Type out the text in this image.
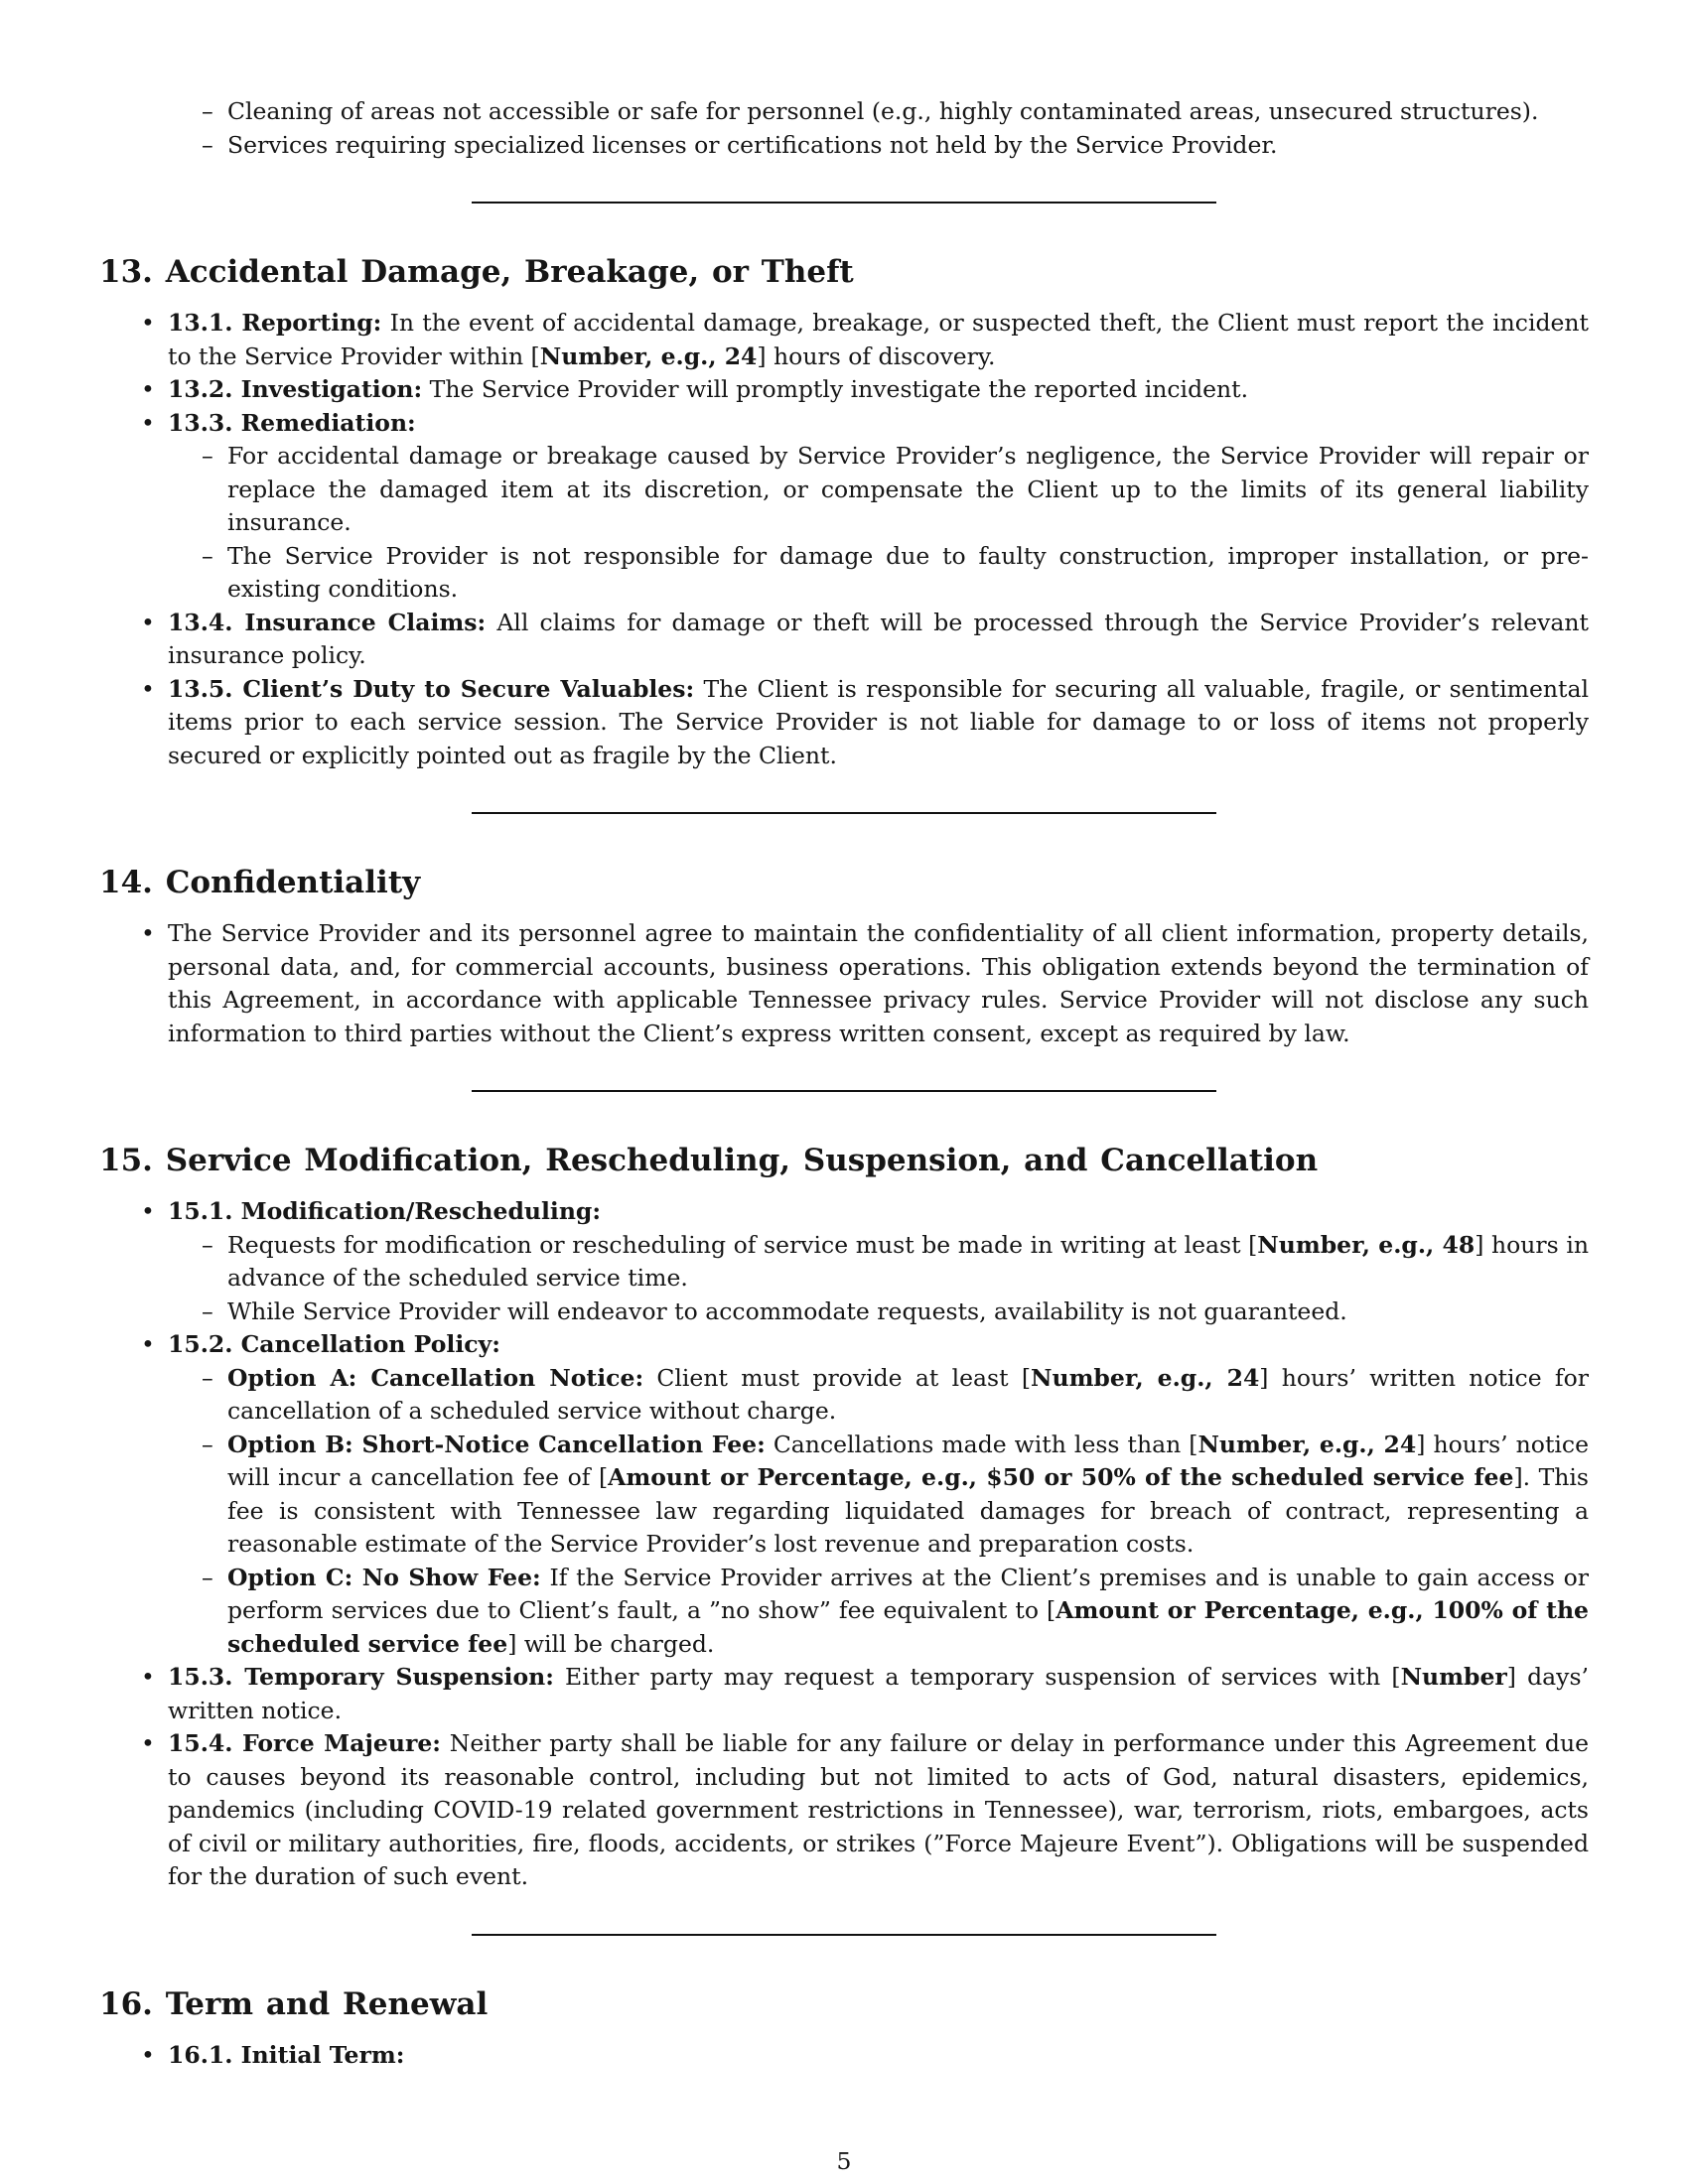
– Cleaning of areas not accessible or safe for personnel (e.g., highly contaminated areas, unsecured structures).
– Services requiring specialized licenses or certifications not held by the Service Provider.
13. Accidental Damage, Breakage, or Theft
• 13.1. Reporting: In the event of accidental damage, breakage, or suspected theft, the Client must report the incident to the Service Provider within [Number, e.g., 24] hours of discovery.
• 13.2. Investigation: The Service Provider will promptly investigate the reported incident.
• 13.3. Remediation:
– For accidental damage or breakage caused by Service Provider’s negligence, the Service Provider will repair or replace the damaged item at its discretion, or compensate the Client up to the limits of its general liability insurance.
– The Service Provider is not responsible for damage due to faulty construction, improper installation, or pre-existing conditions.
• 13.4. Insurance Claims: All claims for damage or theft will be processed through the Service Provider’s relevant insurance policy.
• 13.5. Client’s Duty to Secure Valuables: The Client is responsible for securing all valuable, fragile, or sentimental items prior to each service session. The Service Provider is not liable for damage to or loss of items not properly secured or explicitly pointed out as fragile by the Client.
14. Confidentiality
• The Service Provider and its personnel agree to maintain the confidentiality of all client information, property details, personal data, and, for commercial accounts, business operations. This obligation extends beyond the termination of this Agreement, in accordance with applicable Tennessee privacy rules. Service Provider will not disclose any such information to third parties without the Client’s express written consent, except as required by law.
15. Service Modification, Rescheduling, Suspension, and Cancellation
• 15.1. Modification/Rescheduling:
– Requests for modification or rescheduling of service must be made in writing at least [Number, e.g., 48] hours in advance of the scheduled service time.
– While Service Provider will endeavor to accommodate requests, availability is not guaranteed.
• 15.2. Cancellation Policy:
– Option A: Cancellation Notice: Client must provide at least [Number, e.g., 24] hours’ written notice for cancellation of a scheduled service without charge.
– Option B: Short-Notice Cancellation Fee: Cancellations made with less than [Number, e.g., 24] hours’ notice will incur a cancellation fee of [Amount or Percentage, e.g., $50 or 50% of the scheduled service fee]. This fee is consistent with Tennessee law regarding liquidated damages for breach of contract, representing a reasonable estimate of the Service Provider’s lost revenue and preparation costs.
– Option C: No Show Fee: If the Service Provider arrives at the Client’s premises and is unable to gain access or perform services due to Client’s fault, a ”no show” fee equivalent to [Amount or Percentage, e.g., 100% of the scheduled service fee] will be charged.
• 15.3. Temporary Suspension: Either party may request a temporary suspension of services with [Number] days’ written notice.
• 15.4. Force Majeure: Neither party shall be liable for any failure or delay in performance under this Agreement due to causes beyond its reasonable control, including but not limited to acts of God, natural disasters, epidemics, pandemics (including COVID-19 related government restrictions in Tennessee), war, terrorism, riots, embargoes, acts of civil or military authorities, fire, floods, accidents, or strikes (”Force Majeure Event”). Obligations will be suspended for the duration of such event.
16. Term and Renewal
• 16.1. Initial Term:
5
